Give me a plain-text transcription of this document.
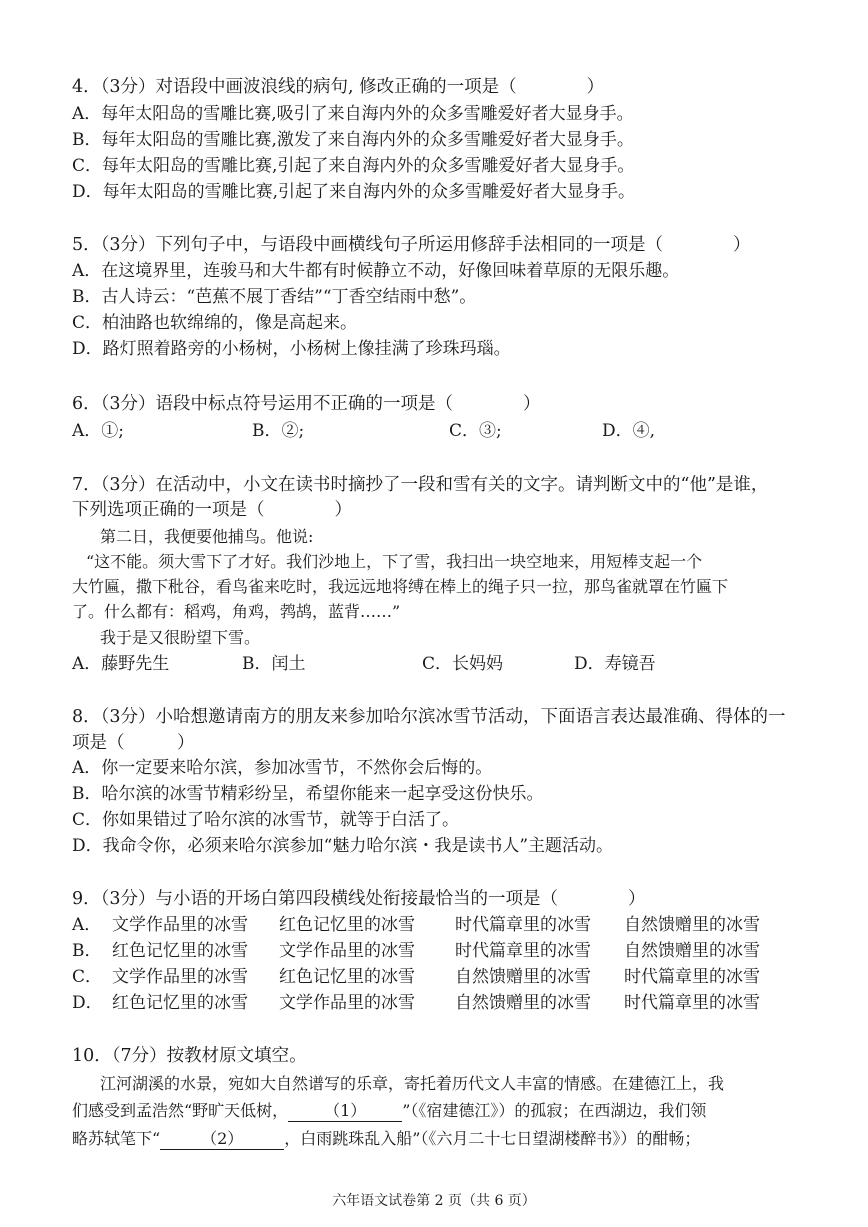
4．（3分）对语段中画波浪线的病句, 修改正确的一项是（　　　　）
A．每年太阳岛的雪雕比赛,吸引了来自海内外的众多雪雕爱好者大显身手。
B．每年太阳岛的雪雕比赛,激发了来自海内外的众多雪雕爱好者大显身手。
C．每年太阳岛的雪雕比赛,引起了来自海内外的众多雪雕爱好者大显身手。
D．每年太阳岛的雪雕比赛,引起了来自海内外的众多雪雕爱好者大显身手。
5．（3分）下列句子中，与语段中画横线句子所运用修辞手法相同的一项是（　　　　）
A．在这境界里，连骏马和大牛都有时候静立不动，好像回味着草原的无限乐趣。
B．古人诗云：“芭蕉不展丁香结”“丁香空结雨中愁”。
C．柏油路也软绵绵的，像是高起来。
D．路灯照着路旁的小杨树，小杨树上像挂满了珍珠玛瑙。
6．（3分）语段中标点符号运用不正确的一项是（　　　　）
A．①;	B．②;	C．③;	D．④,
7．（3分）在活动中，小文在读书时摘抄了一段和雪有关的文字。请判断文中的“他”是谁，
下列选项正确的一项是（　　　　）
第二日，我便要他捕鸟。他说:
“这不能。须大雪下了才好。我们沙地上，下了雪，我扫出一块空地来，用短棒支起一个
大竹匾，撒下秕谷，看鸟雀来吃时，我远远地将缚在棒上的绳子只一拉，那鸟雀就罩在竹匾下
了。什么都有：稻鸡，角鸡，鹁鸪，蓝背……”
我于是又很盼望下雪。
A．藤野先生	B．闰土	C．长妈妈	D．寿镜吾
8．（3分）小哈想邀请南方的朋友来参加哈尔滨冰雪节活动，下面语言表达最准确、得体的一
项是（　　　）
A．你一定要来哈尔滨，参加冰雪节，不然你会后悔的。
B．哈尔滨的冰雪节精彩纷呈，希望你能来一起享受这份快乐。
C．你如果错过了哈尔滨的冰雪节，就等于白活了。
D．我命令你，必须来哈尔滨参加“魅力哈尔滨・我是读书人”主题活动。
9．（3分）与小语的开场白第四段横线处衔接最恰当的一项是（　　　　）
A． 文学作品里的冰雪 红色记忆里的冰雪 时代篇章里的冰雪 自然馈赠里的冰雪
B． 红色记忆里的冰雪 文学作品里的冰雪 时代篇章里的冰雪 自然馈赠里的冰雪
C． 文学作品里的冰雪 红色记忆里的冰雪 自然馈赠里的冰雪 时代篇章里的冰雪
D． 红色记忆里的冰雪 文学作品里的冰雪 自然馈赠里的冰雪 时代篇章里的冰雪
10．（7分）按教材原文填空。
江河湖溪的水景，宛如大自然谱写的乐章，寄托着历代文人丰富的情感。在建德江上，我
们感受到孟浩然“野旷天低树， （1） ”（《宿建德江》）的孤寂；在西湖边，我们领
略苏轼笔下“	（2）	，白雨跳珠乱入船”（《六月二十七日望湖楼醉书》）的酣畅；
六年语文试卷第 2 页（共 6 页）
